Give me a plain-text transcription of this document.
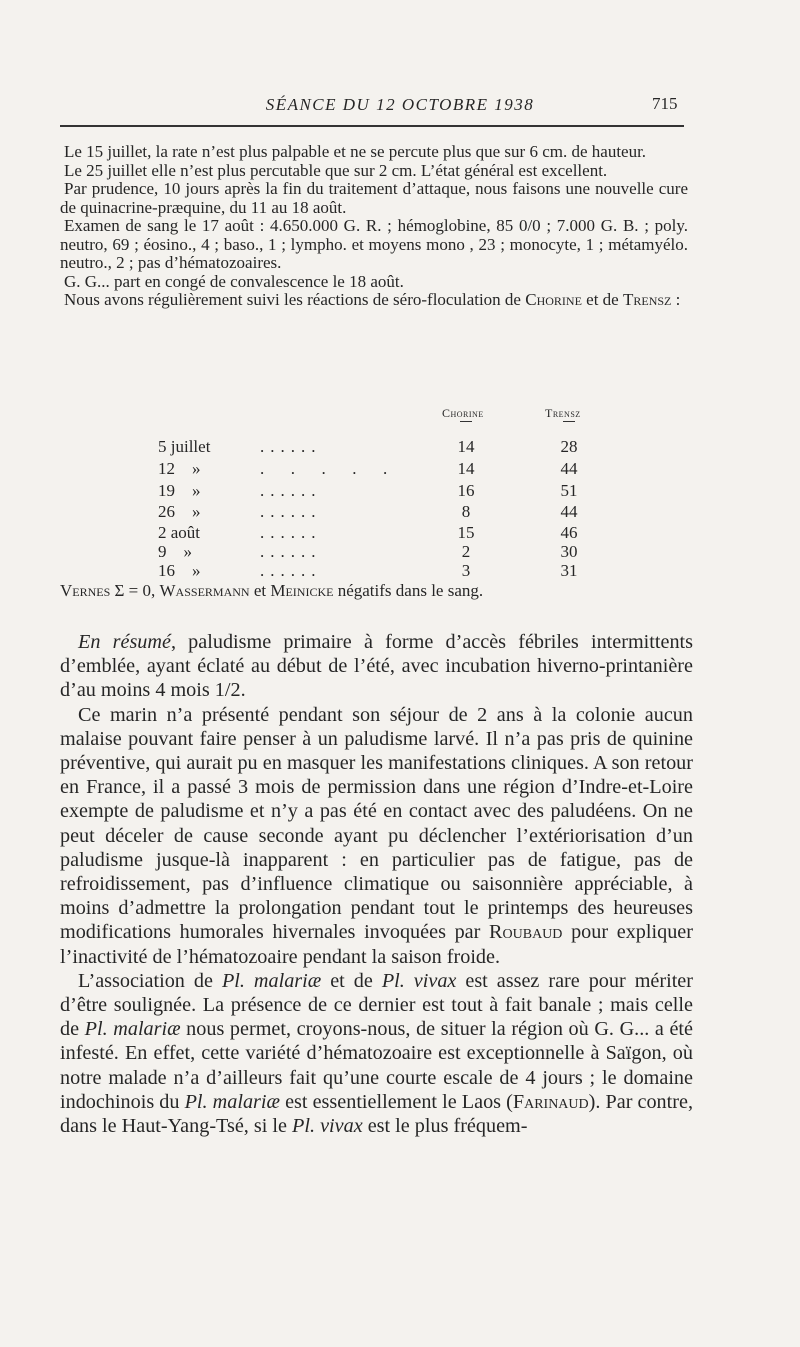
SÉANCE DU 12 OCTOBRE 1938	715

Le 15 juillet, la rate n’est plus palpable et ne se percute plus que sur 6 cm. de hauteur.

Le 25 juillet elle n’est plus percutable que sur 2 cm. L’état général est excellent.

Par prudence, 10 jours après la fin du traitement d’attaque, nous faisons une nouvelle cure de quinacrine-præquine, du 11 au 18 août.

Examen de sang le 17 août : 4.650.000 G. R. ; hémoglobine, 85 0/0 ; 7.000 G. B. ; poly. neutro, 69 ; éosino., 4 ; baso., 1 ; lympho. et moyens mono , 23 ; monocyte, 1 ; métamyélo. neutro., 2 ; pas d’hématozoaires.

G. G... part en congé de convalescence le 18 août.

Nous avons régulièrement suivi les réactions de séro-floculation de Chorine et de Trensz :

Chorine	Trensz
5 juillet	......	14	28
12    »	.  .  .  .  .	14	44
19    »	......	16	51
26    »	......	8	44
2 août	......	15	46
9    »	......	2	30
16    »	......	3	31
Vernes Σ = 0, Wassermann et Meinicke négatifs dans le sang.

En résumé, paludisme primaire à forme d’accès fébriles intermittents d’emblée, ayant éclaté au début de l’été, avec incubation hiverno-printanière d’au moins 4 mois 1/2.

Ce marin n’a présenté pendant son séjour de 2 ans à la colonie aucun malaise pouvant faire penser à un paludisme larvé. Il n’a pas pris de quinine préventive, qui aurait pu en masquer les manifestations cliniques. A son retour en France, il a passé 3 mois de permission dans une région d’Indre-et-Loire exempte de paludisme et n’y a pas été en contact avec des paludéens. On ne peut déceler de cause seconde ayant pu déclencher l’extériorisation d’un paludisme jusque-là inapparent : en particulier pas de fatigue, pas de refroidissement, pas d’influence climatique ou saisonnière appréciable, à moins d’admettre la prolongation pendant tout le printemps des heureuses modifications humorales hivernales invoquées par Roubaud pour expliquer l’inactivité de l’hématozoaire pendant la saison froide.

L’association de Pl. malariæ et de Pl. vivax est assez rare pour mériter d’être soulignée. La présence de ce dernier est tout à fait banale ; mais celle de Pl. malariæ nous permet, croyons-nous, de situer la région où G. G... a été infesté. En effet, cette variété d’hématozoaire est exceptionnelle à Saïgon, où notre malade n’a d’ailleurs fait qu’une courte escale de 4 jours ; le domaine indochinois du Pl. malariæ est essentiellement le Laos (Farinaud). Par contre, dans le Haut-Yang-Tsé, si le Pl. vivax est le plus fréquem-
